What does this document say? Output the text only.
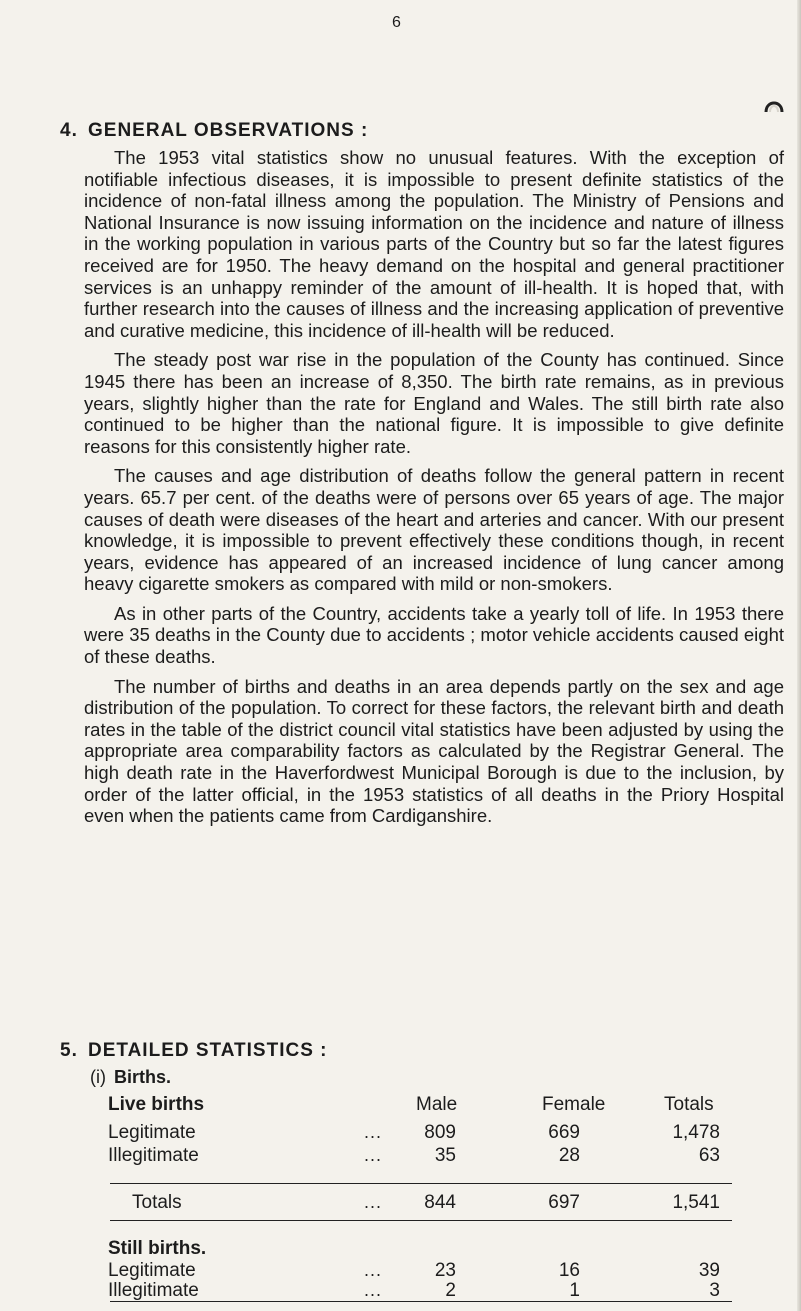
6
4. GENERAL OBSERVATIONS :

The 1953 vital statistics show no unusual features. With the exception of notifiable infectious diseases, it is impossible to present definite statistics of the incidence of non-fatal illness among the population. The Ministry of Pensions and National Insurance is now issuing information on the incidence and nature of illness in the working population in various parts of the Country but so far the latest figures received are for 1950. The heavy demand on the hospital and general practitioner services is an unhappy reminder of the amount of ill-health. It is hoped that, with further research into the causes of illness and the increasing application of preventive and curative medicine, this incidence of ill-health will be reduced.

The steady post war rise in the population of the County has continued. Since 1945 there has been an increase of 8,350. The birth rate remains, as in previous years, slightly higher than the rate for England and Wales. The still birth rate also continued to be higher than the national figure. It is impossible to give definite reasons for this consistently higher rate.

The causes and age distribution of deaths follow the general pattern in recent years. 65.7 per cent. of the deaths were of persons over 65 years of age. The major causes of death were diseases of the heart and arteries and cancer. With our present knowledge, it is impossible to prevent effectively these conditions though, in recent years, evidence has appeared of an increased incidence of lung cancer among heavy cigarette smokers as compared with mild or non-smokers.

As in other parts of the Country, accidents take a yearly toll of life. In 1953 there were 35 deaths in the County due to accidents ; motor vehicle accidents caused eight of these deaths.

The number of births and deaths in an area depends partly on the sex and age distribution of the population. To correct for these factors, the relevant birth and death rates in the table of the district council vital statistics have been adjusted by using the appropriate area comparability factors as calculated by the Registrar General. The high death rate in the Haverfordwest Municipal Borough is due to the inclusion, by order of the latter official, in the 1953 statistics of all deaths in the Priory Hospital even when the patients came from Cardiganshire.

5. DETAILED STATISTICS :
(i) Births.
Live births	Male	Female	Totals
Legitimate	...	809	669	1,478
Illegitimate	...	35	28	63
Totals	...	844	697	1,541
Still births.
Legitimate	...	23	16	39
Illegitimate	...	2	1	3
